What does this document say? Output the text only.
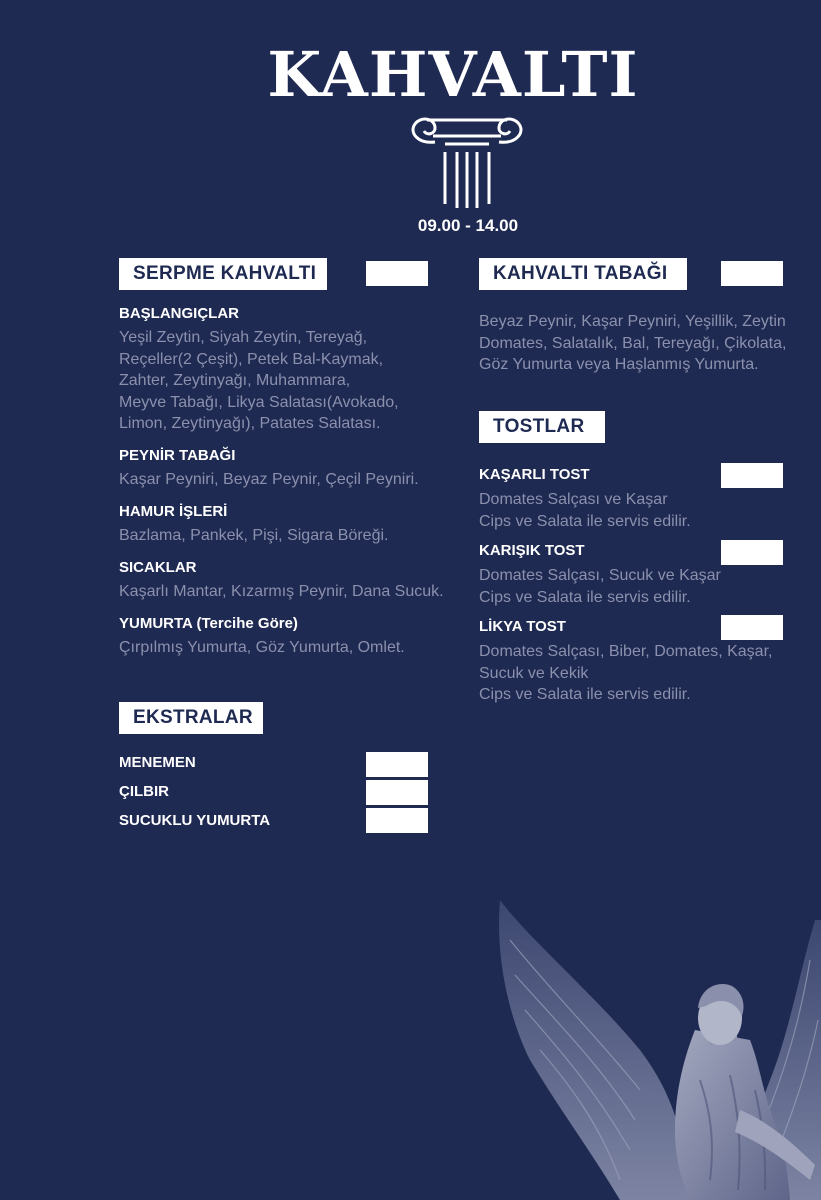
KAHVALTI
09.00 - 14.00
SERPME KAHVALTI
BAŞLANGIÇLAR
Yeşil Zeytin, Siyah Zeytin, Tereyağ,
Reçeller(2 Çeşit), Petek Bal-Kaymak,
Zahter, Zeytinyağı, Muhammara,
Meyve Tabağı, Likya Salatası(Avokado,
Limon, Zeytinyağı), Patates Salatası.
PEYNİR TABAĞI
Kaşar Peyniri, Beyaz Peynir, Çeçil Peyniri.
HAMUR İŞLERİ
Bazlama, Pankek, Pişi, Sigara Böreği.
SICAKLAR
Kaşarlı Mantar, Kızarmış Peynir, Dana Sucuk.
YUMURTA (Tercihe Göre)
Çırpılmış Yumurta, Göz Yumurta, Omlet.
EKSTRALAR
MENEMEN
ÇILBIR
SUCUKLU YUMURTA
KAHVALTI TABAĞI
Beyaz Peynir, Kaşar Peyniri, Yeşillik, Zeytin
Domates, Salatalık, Bal, Tereyağı, Çikolata,
Göz Yumurta veya Haşlanmış Yumurta.
TOSTLAR
KAŞARLI TOST
Domates Salçası ve Kaşar
Cips ve Salata ile servis edilir.
KARIŞIK TOST
Domates Salçası, Sucuk ve Kaşar
Cips ve Salata ile servis edilir.
LİKYA TOST
Domates Salçası, Biber, Domates, Kaşar,
Sucuk ve Kekik
Cips ve Salata ile servis edilir.
